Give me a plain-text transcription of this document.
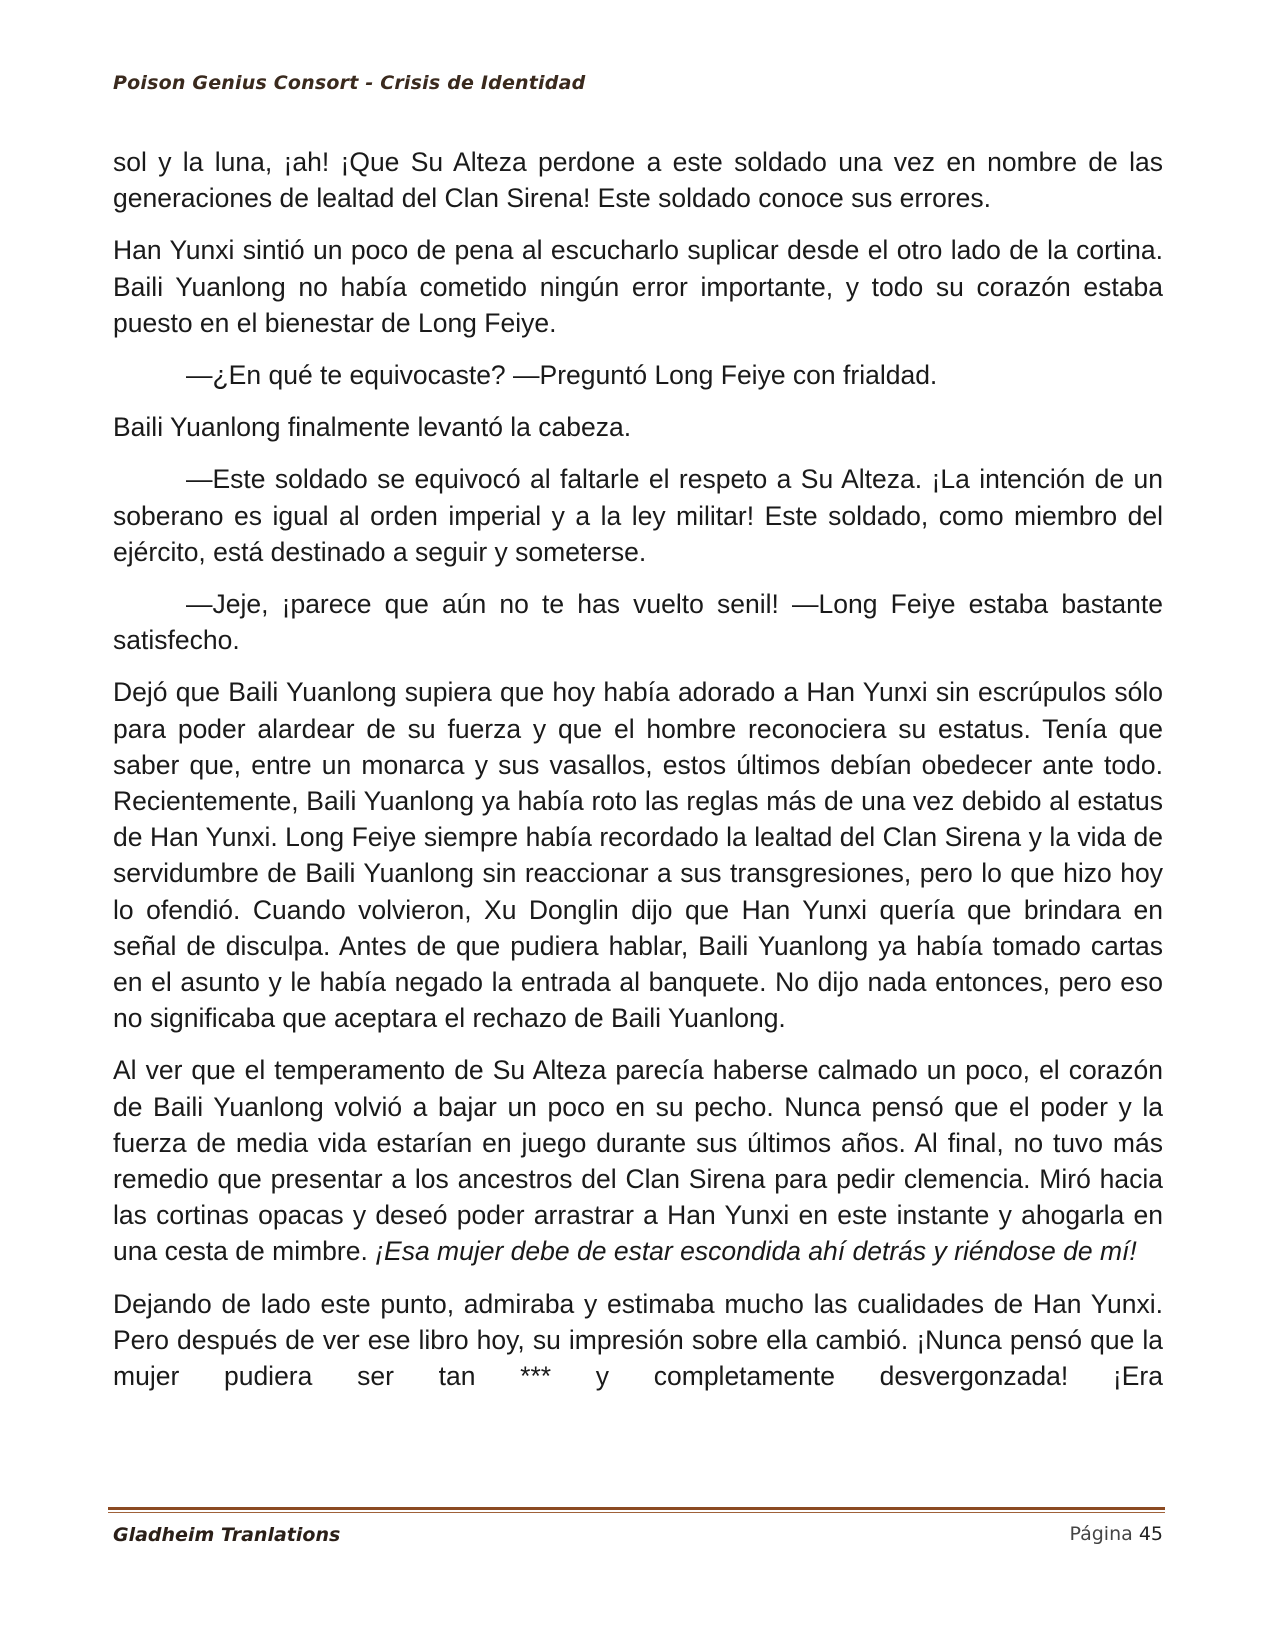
Poison Genius Consort - Crisis de Identidad

sol y la luna, ¡ah! ¡Que Su Alteza perdone a este soldado una vez en nombre de las generaciones de lealtad del Clan Sirena! Este soldado conoce sus errores.

Han Yunxi sintió un poco de pena al escucharlo suplicar desde el otro lado de la cortina. Baili Yuanlong no había cometido ningún error importante, y todo su corazón estaba puesto en el bienestar de Long Feiye.

—¿En qué te equivocaste? —Preguntó Long Feiye con frialdad.

Baili Yuanlong finalmente levantó la cabeza.

—Este soldado se equivocó al faltarle el respeto a Su Alteza. ¡La intención de un soberano es igual al orden imperial y a la ley militar! Este soldado, como miembro del ejército, está destinado a seguir y someterse.

—Jeje, ¡parece que aún no te has vuelto senil! —Long Feiye estaba bastante satisfecho.

Dejó que Baili Yuanlong supiera que hoy había adorado a Han Yunxi sin escrúpulos sólo para poder alardear de su fuerza y que el hombre reconociera su estatus. Tenía que saber que, entre un monarca y sus vasallos, estos últimos debían obedecer ante todo. Recientemente, Baili Yuanlong ya había roto las reglas más de una vez debido al estatus de Han Yunxi. Long Feiye siempre había recordado la lealtad del Clan Sirena y la vida de servidumbre de Baili Yuanlong sin reaccionar a sus transgresiones, pero lo que hizo hoy lo ofendió. Cuando volvieron, Xu Donglin dijo que Han Yunxi quería que brindara en señal de disculpa. Antes de que pudiera hablar, Baili Yuanlong ya había tomado cartas en el asunto y le había negado la entrada al banquete. No dijo nada entonces, pero eso no significaba que aceptara el rechazo de Baili Yuanlong.

Al ver que el temperamento de Su Alteza parecía haberse calmado un poco, el corazón de Baili Yuanlong volvió a bajar un poco en su pecho. Nunca pensó que el poder y la fuerza de media vida estarían en juego durante sus últimos años. Al final, no tuvo más remedio que presentar a los ancestros del Clan Sirena para pedir clemencia. Miró hacia las cortinas opacas y deseó poder arrastrar a Han Yunxi en este instante y ahogarla en una cesta de mimbre. ¡Esa mujer debe de estar escondida ahí detrás y riéndose de mí!

Dejando de lado este punto, admiraba y estimaba mucho las cualidades de Han Yunxi. Pero después de ver ese libro hoy, su impresión sobre ella cambió. ¡Nunca pensó que la mujer pudiera ser tan *** y completamente desvergonzada! ¡Era

Gladheim Tranlations	Página 45
